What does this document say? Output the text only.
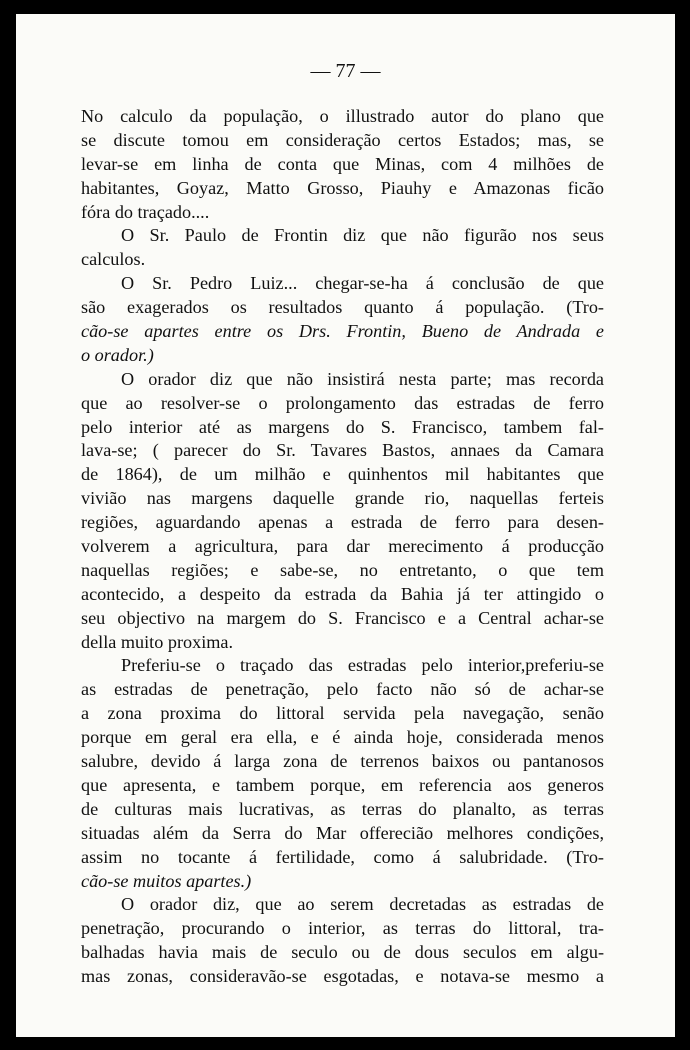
— 77 —
No calculo da população, o illustrado autor do plano que
se discute tomou em consideração certos Estados; mas, se
levar-se em linha de conta que Minas, com 4 milhões de
habitantes, Goyaz, Matto Grosso, Piauhy e Amazonas ficão
fóra do traçado....
O Sr. Paulo de Frontin diz que não figurão nos seus
calculos.
O Sr. Pedro Luiz... chegar-se-ha á conclusão de que
são exagerados os resultados quanto á população. (Tro-
cão-se apartes entre os Drs. Frontin, Bueno de Andrada e
o orador.)
O orador diz que não insistirá nesta parte; mas recorda
que ao resolver-se o prolongamento das estradas de ferro
pelo interior até as margens do S. Francisco, tambem fal-
lava-se; ( parecer do Sr. Tavares Bastos, annaes da Camara
de 1864), de um milhão e quinhentos mil habitantes que
vivião nas margens daquelle grande rio, naquellas ferteis
regiões, aguardando apenas a estrada de ferro para desen-
volverem a agricultura, para dar merecimento á producção
naquellas regiões; e sabe-se, no entretanto, o que tem
acontecido, a despeito da estrada da Bahia já ter attingido o
seu objectivo na margem do S. Francisco e a Central achar-se
della muito proxima.
Preferiu-se o traçado das estradas pelo interior,preferiu-se
as estradas de penetração, pelo facto não só de achar-se
a zona proxima do littoral servida pela navegação, senão
porque em geral era ella, e é ainda hoje, considerada menos
salubre, devido á larga zona de terrenos baixos ou pantanosos
que apresenta, e tambem porque, em referencia aos generos
de culturas mais lucrativas, as terras do planalto, as terras
situadas além da Serra do Mar offerecião melhores condições,
assim no tocante á fertilidade, como á salubridade. (Tro-
cão-se muitos apartes.)
O orador diz, que ao serem decretadas as estradas de
penetração, procurando o interior, as terras do littoral, tra-
balhadas havia mais de seculo ou de dous seculos em algu-
mas zonas, consideravão-se esgotadas, e notava-se mesmo a
